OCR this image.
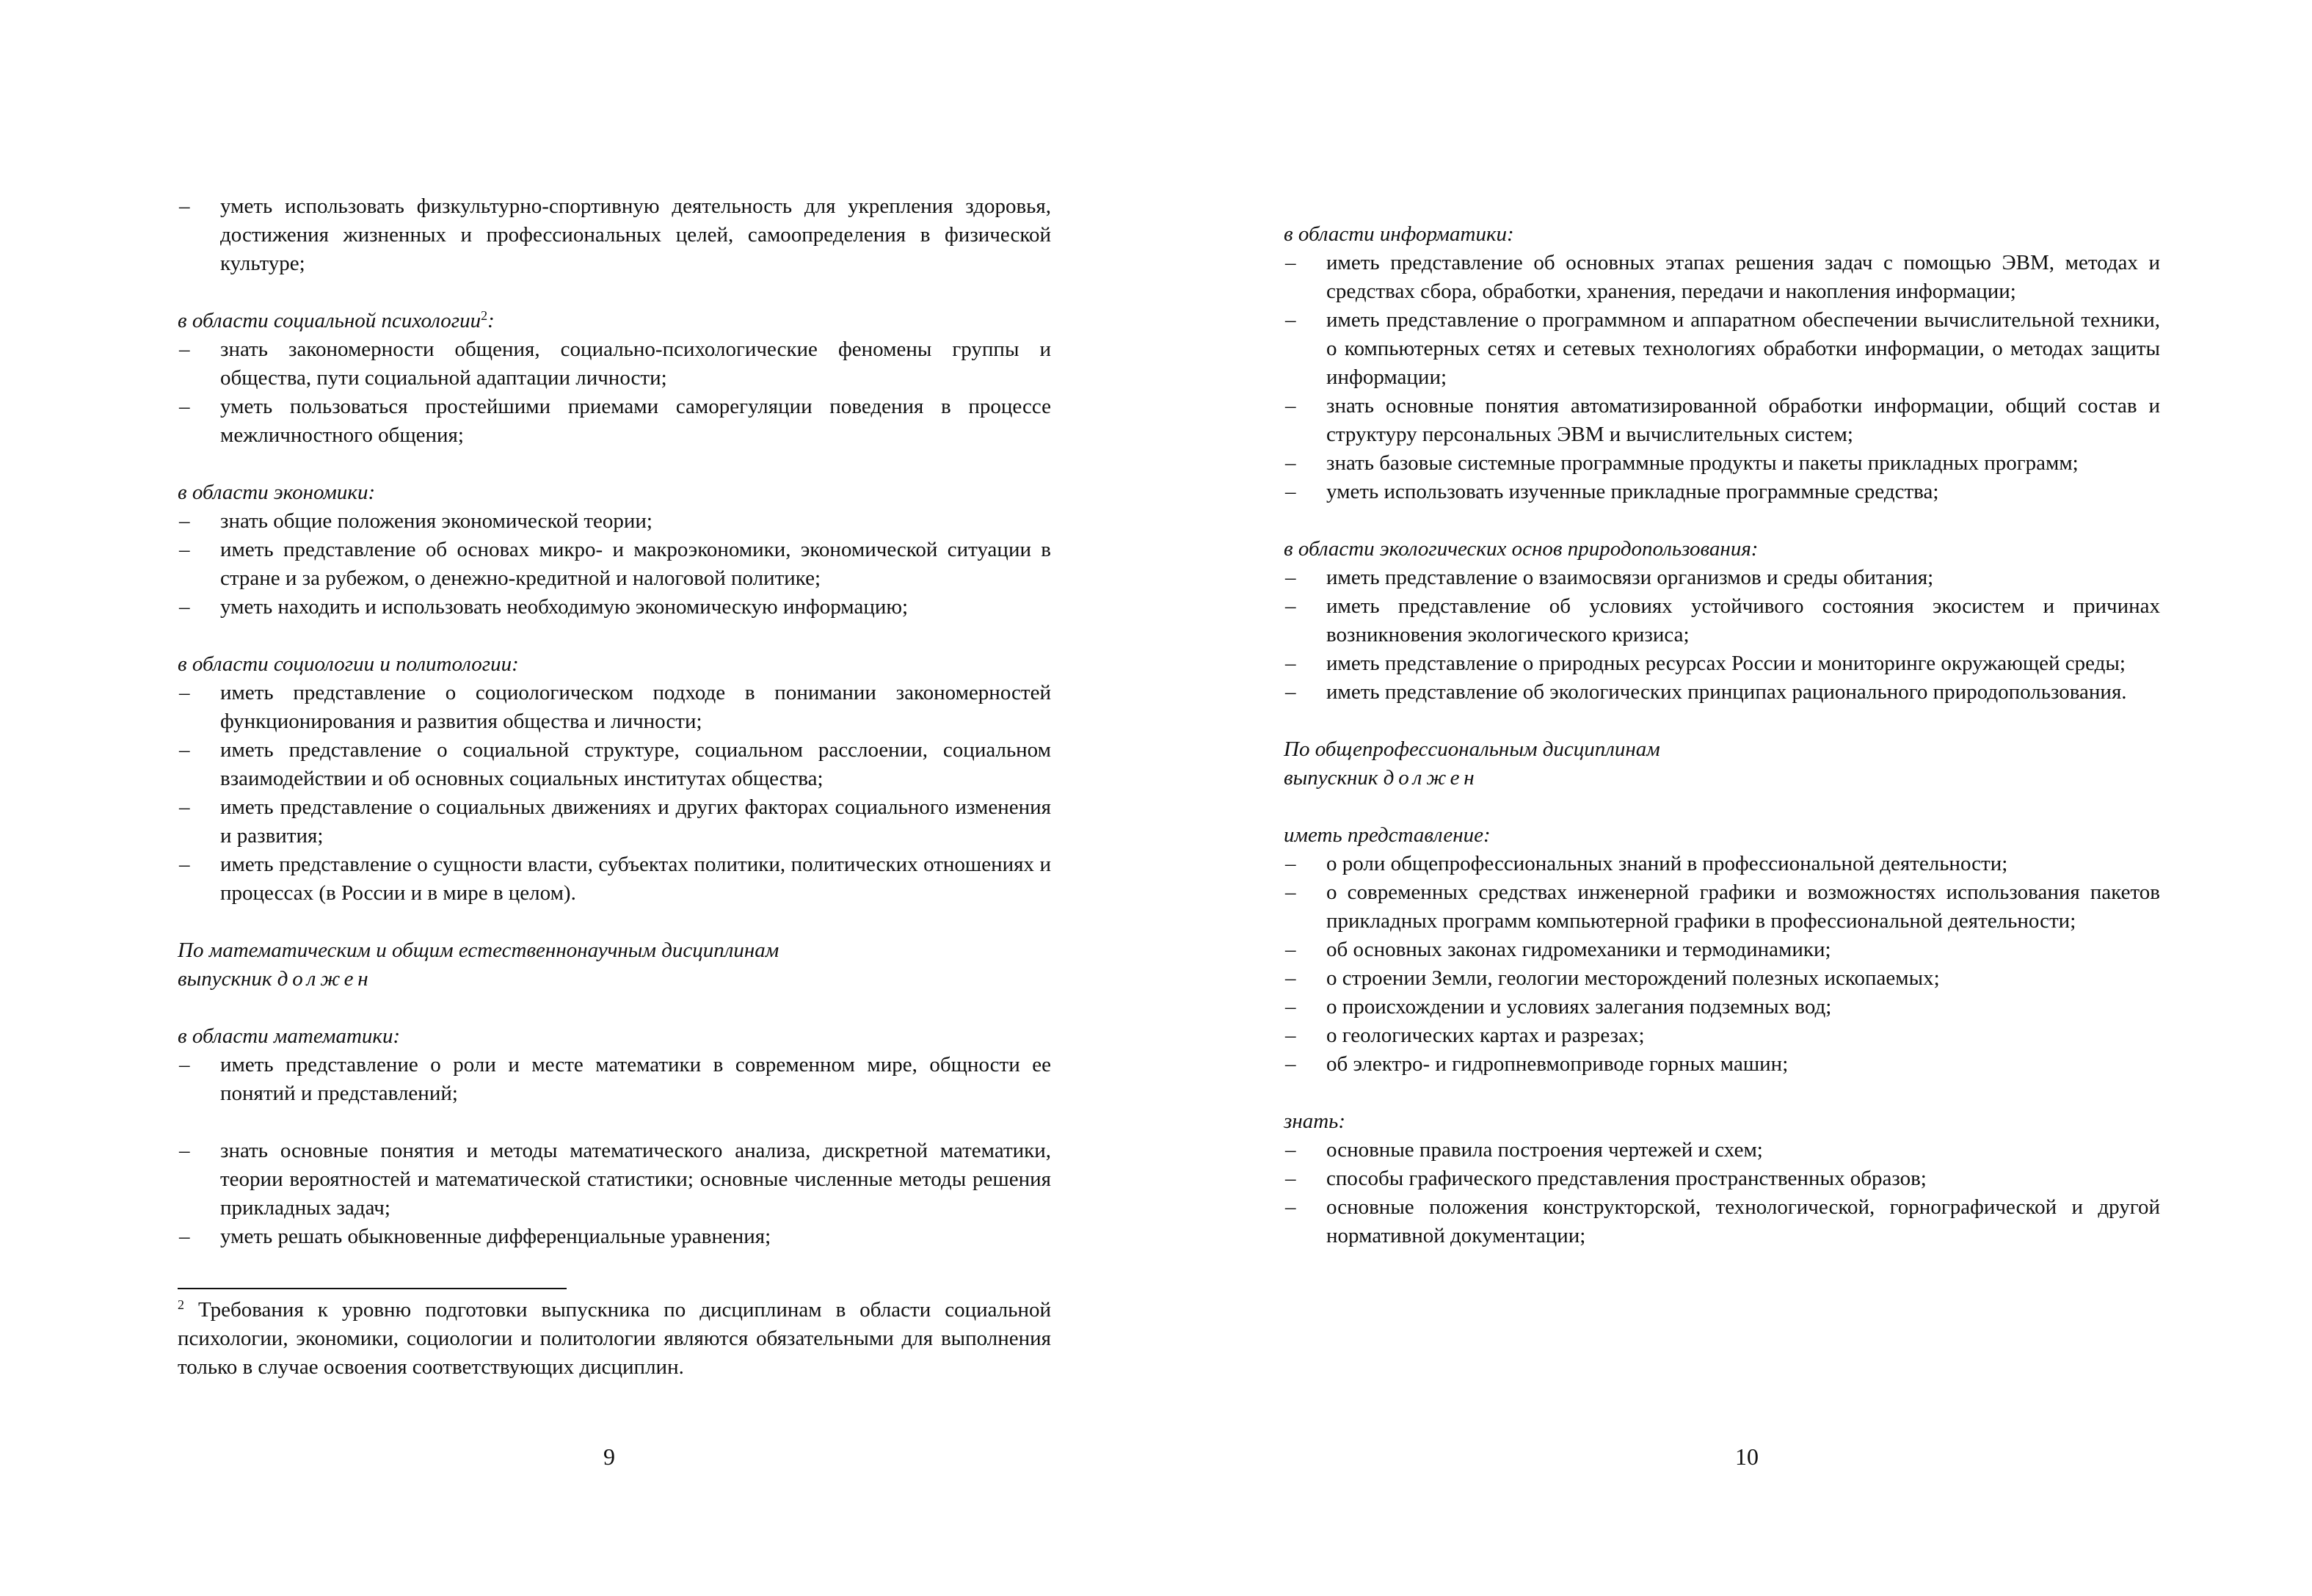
– уметь использовать физкультурно-спортивную деятельность для укрепления здоровья, достижения жизненных и профессиональных целей, самоопределения в физической культуре;
в области социальной психологии$^2$:
– знать закономерности общения, социально-психологические феномены группы и общества, пути социальной адаптации личности;
– уметь пользоваться простейшими приемами саморегуляции поведения в процессе межличностного общения;
в области экономики:
– знать общие положения экономической теории;
– иметь представление об основах микро- и макроэкономики, экономической ситуации в стране и за рубежом, о денежно-кредитной и налоговой политике;
– уметь находить и использовать необходимую экономическую информацию;
в области социологии и политологии:
– иметь представление о социологическом подходе в понимании закономерностей функционирования и развития общества и личности;
– иметь представление о социальной структуре, социальном расслоении, социальном взаимодействии и об основных социальных институтах общества;
– иметь представление о социальных движениях и других факторах социального изменения и развития;
– иметь представление о сущности власти, субъектах политики, политических отношениях и процессах (в России и в мире в целом).
По математическим и общим естественнонаучным дисциплинам
выпускник должен
в области математики:
– иметь представление о роли и месте математики в современном мире, общности ее понятий и представлений;
– знать основные понятия и методы математического анализа, дискретной математики, теории вероятностей и математической статистики; основные численные методы решения прикладных задач;
– уметь решать обыкновенные дифференциальные уравнения;
$^2$ Требования к уровню подготовки выпускника по дисциплинам в области социальной психологии, экономики, социологии и политологии являются обязательными для выполнения только в случае освоения соответствующих дисциплин.
9
в области информатики:
– иметь представление об основных этапах решения задач с помощью ЭВМ, методах и средствах сбора, обработки, хранения, передачи и накопления информации;
– иметь представление о программном и аппаратном обеспечении вычислительной техники, о компьютерных сетях и сетевых технологиях обработки информации, о методах защиты информации;
– знать основные понятия автоматизированной обработки информации, общий состав и структуру персональных ЭВМ и вычислительных систем;
– знать базовые системные программные продукты и пакеты прикладных программ;
– уметь использовать изученные прикладные программные средства;
в области экологических основ природопользования:
– иметь представление о взаимосвязи организмов и среды обитания;
– иметь представление об условиях устойчивого состояния экосистем и причинах возникновения экологического кризиса;
– иметь представление о природных ресурсах России и мониторинге окружающей среды;
– иметь представление об экологических принципах рационального природопользования.
По общепрофессиональным дисциплинам
выпускник должен
иметь представление:
– о роли общепрофессиональных знаний в профессиональной деятельности;
– о современных средствах инженерной графики и возможностях использования пакетов прикладных программ компьютерной графики в профессиональной деятельности;
– об основных законах гидромеханики и термодинамики;
– о строении Земли, геологии месторождений полезных ископаемых;
– о происхождении и условиях залегания подземных вод;
– о геологических картах и разрезах;
– об электро- и гидропневмоприводе горных машин;
знать:
– основные правила построения чертежей и схем;
– способы графического представления пространственных образов;
– основные положения конструкторской, технологической, горнографической и другой нормативной документации;
10
